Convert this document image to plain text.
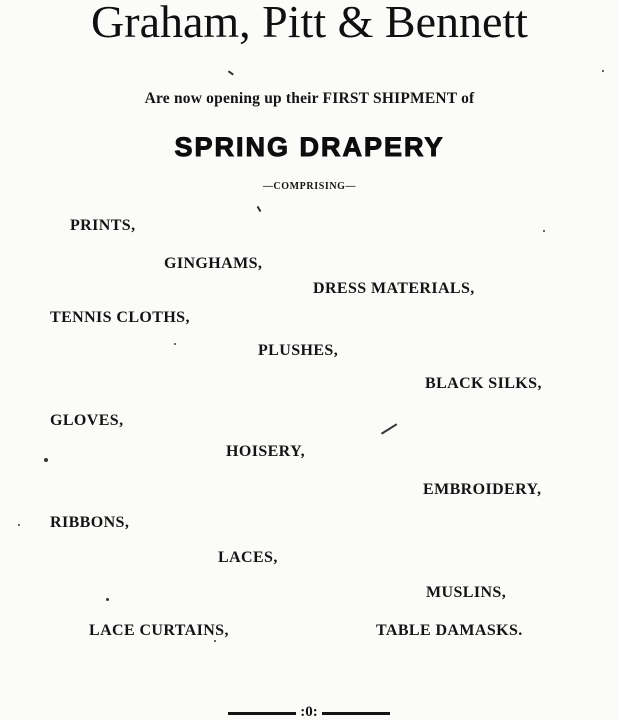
Graham, Pitt & Bennett
Are now opening up their FIRST SHIPMENT of
SPRING DRAPERY
—COMPRISING—
PRINTS,
GINGHAMS,
DRESS MATERIALS,
TENNIS CLOTHS,
PLUSHES,
BLACK SILKS,
GLOVES,
HOISERY,
EMBROIDERY,
RIBBONS,
LACES,
MUSLINS,
LACE CURTAINS,	TABLE DAMASKS.
:0:
